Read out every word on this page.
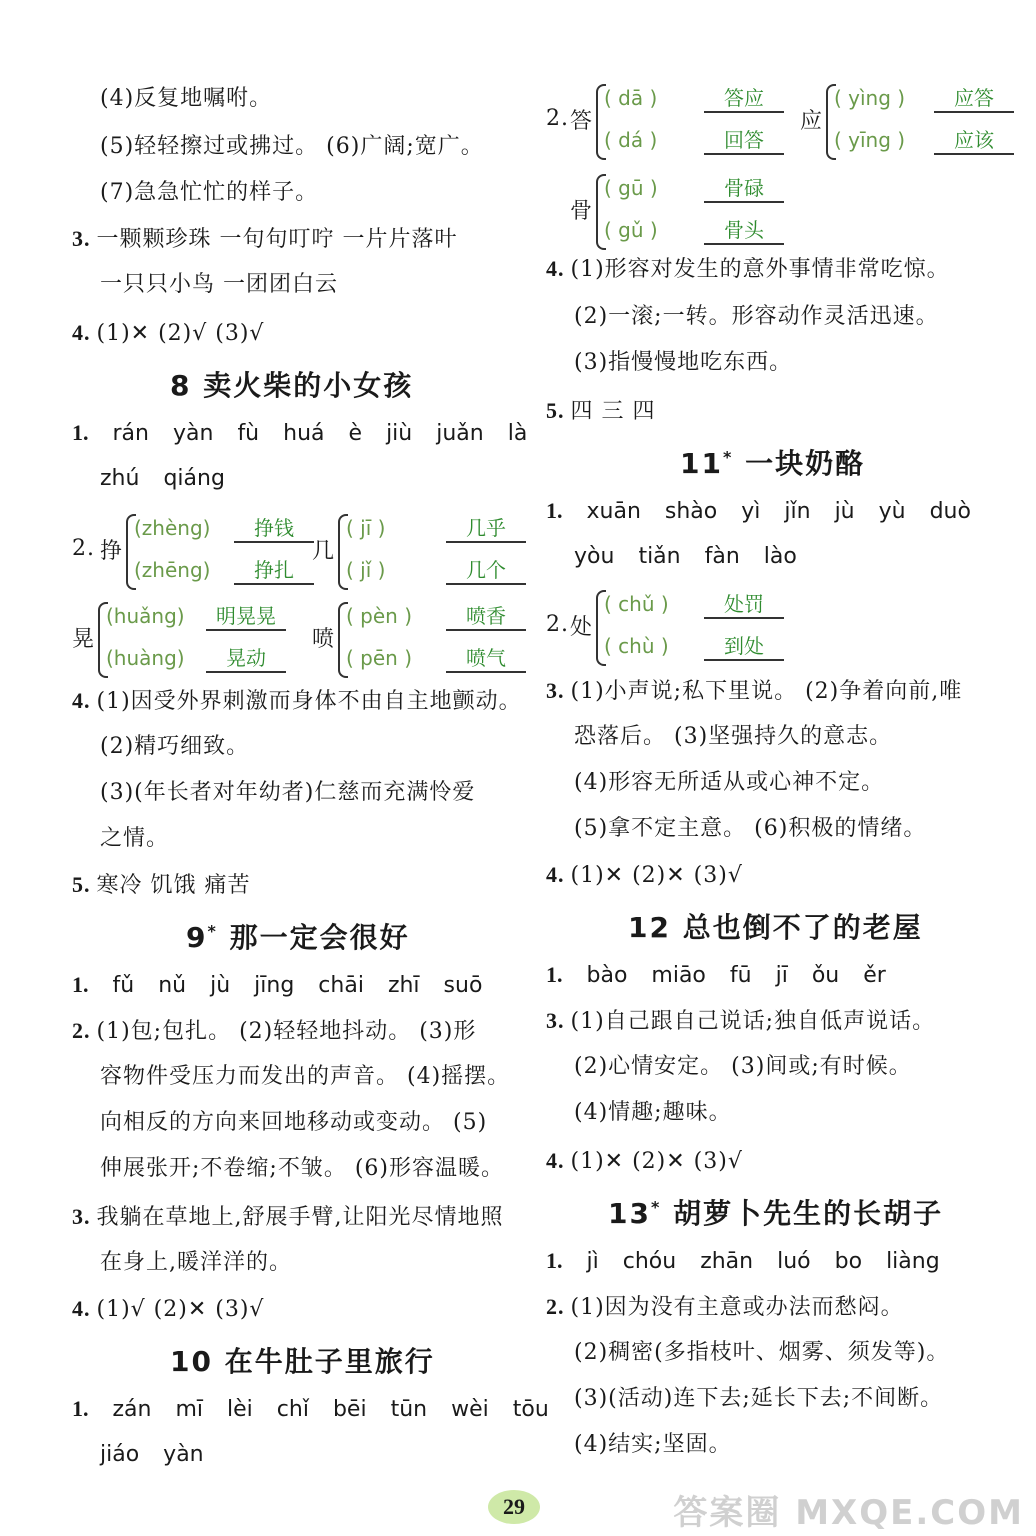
(4)反复地嘱咐。
(5)轻轻擦过或拂过。 (6)广阔;宽广。
(7)急急忙忙的样子。
3. 一颗颗珍珠 一句句叮咛 一片片落叶
一只只小鸟 一团团白云
4. (1)✕ (2)√ (3)√
8 卖火柴的小女孩
1. rán yàn fù huá è jiù juǎn là
zhú qiáng
2. 挣
(zhèng) 挣钱
(zhēng) 挣扎
几
( jī )	几乎
( jǐ )	几个
晃
(huǎng) 明晃晃
(huàng) 晃动
喷
( pèn )	喷香
( pēn )	喷气
4. (1)因受外界刺激而身体不由自主地颤动。
(2)精巧细致。
(3)(年长者对年幼者)仁慈而充满怜爱
之情。
5. 寒冷 饥饿 痛苦
9* 那一定会很好
1. fǔ nǔ jù jīng chāi zhī suō
2. (1)包;包扎。 (2)轻轻地抖动。 (3)形
容物件受压力而发出的声音。 (4)摇摆。
向相反的方向来回地移动或变动。 (5)
伸展张开;不卷缩;不皱。 (6)形容温暖。
3. 我躺在草地上,舒展手臂,让阳光尽情地照
在身上,暖洋洋的。
4. (1)√ (2)✕ (3)√
10 在牛肚子里旅行
1. zán mī lèi chǐ bēi tūn wèi tōu
jiáo yàn
2. 答
( dā )	答应
( dá )	回答
应
( yìng ) 应答
( yīng ) 应该
骨
( gū )	骨碌
( gǔ )	骨头
4. (1)形容对发生的意外事情非常吃惊。
(2)一滚;一转。形容动作灵活迅速。
(3)指慢慢地吃东西。
5. 四 三 四
11* 一块奶酪
1. xuān shào yì jǐn jù yù duò
yòu tiǎn fàn lào
2. 处
( chǔ )	处罚
( chù )	到处
3. (1)小声说;私下里说。 (2)争着向前,唯
恐落后。 (3)坚强持久的意志。
(4)形容无所适从或心神不定。
(5)拿不定主意。 (6)积极的情绪。
4. (1)✕ (2)✕ (3)√
12 总也倒不了的老屋
1. bào miāo fū jī ǒu ěr
3. (1)自己跟自己说话;独自低声说话。
(2)心情安定。 (3)间或;有时候。
(4)情趣;趣味。
4. (1)✕ (2)✕ (3)√
13* 胡萝卜先生的长胡子
1. jì chóu zhān luó bo liàng
2. (1)因为没有主意或办法而愁闷。
(2)稠密(多指枝叶、烟雾、须发等)。
(3)(活动)连下去;延长下去;不间断。
(4)结实;坚固。
29	答案圈 MXQE.COM
